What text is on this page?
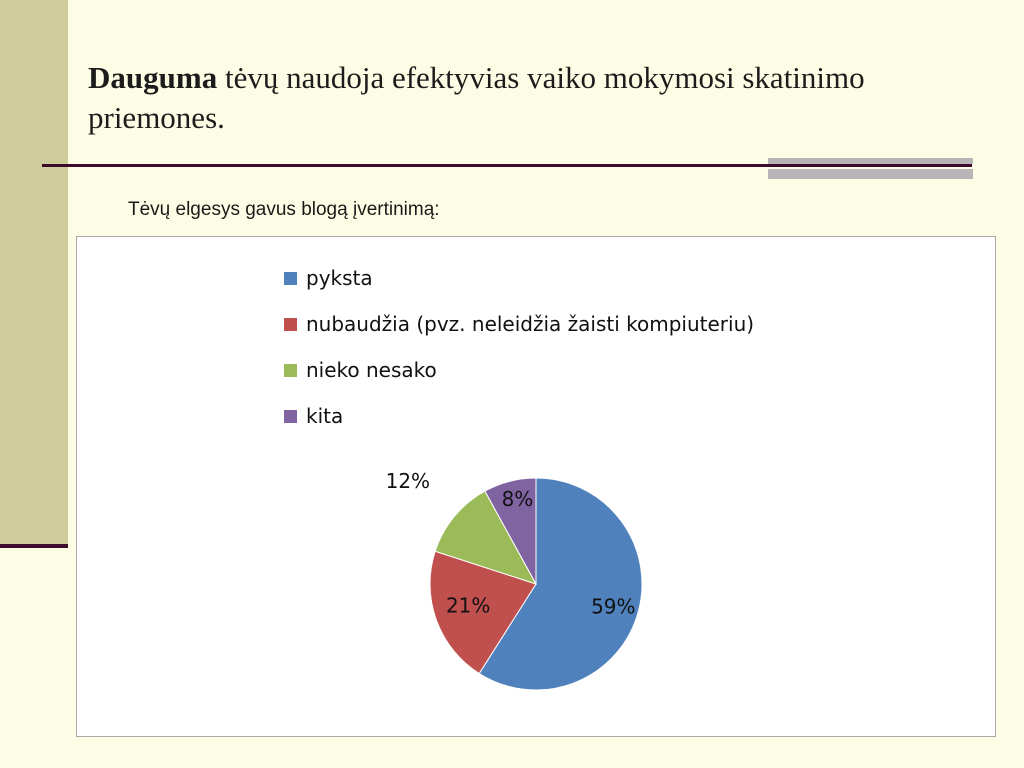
Dauguma tėvų naudoja efektyvias vaiko mokymosi skatinimo priemones.
Tėvų elgesys gavus blogą įvertinimą:
pyksta
nubaudžia (pvz. neleidžia žaisti kompiuteriu)
nieko nesako
kita
59%
21%
12%
8%
